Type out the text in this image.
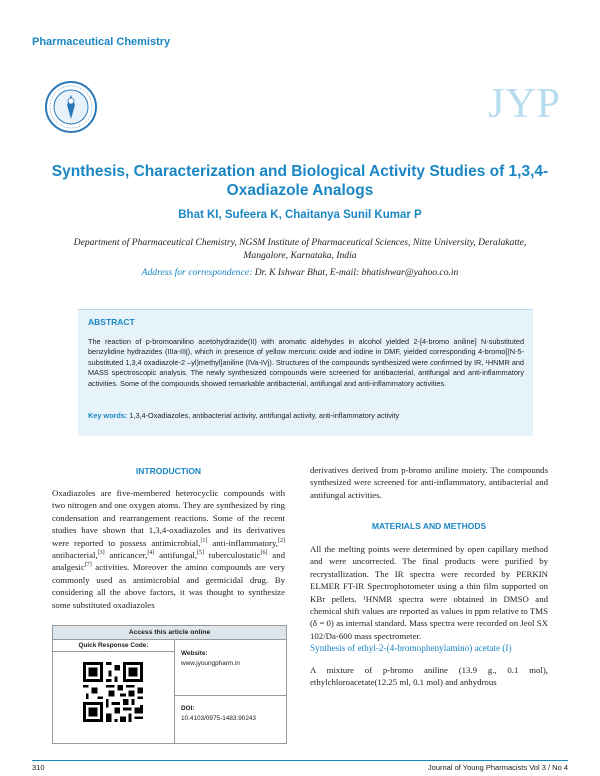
Pharmaceutical Chemistry
JYP
Synthesis, Characterization and Biological Activity Studies of 1,3,4-Oxadiazole Analogs
Bhat KI, Sufeera K, Chaitanya Sunil Kumar P
Department of Pharmaceutical Chemistry, NGSM Institute of Pharmaceutical Sciences, Nitte University, Deralakatte, Mangalore, Karnataka, India
Address for correspondence: Dr. K Ishwar Bhat, E-mail: bhatishwar@yahoo.co.in
ABSTRACT
The reaction of p-bromoanilino acetohydrazide(II) with aromatic aldehydes in alcohol yielded 2-[4-bromo aniline] N-substituted benzylidine hydrazides (IIIa-IIIj), which in presence of yellow mercuric oxide and iodine in DMF, yielded corresponding 4-bromo[(N-5-substituted 1,3,4 oxadiazole-2 –yl)methyl]aniline (IVa-IVj). Structures of the compounds synthesized were confirmed by IR, ¹HNMR and MASS spectroscopic analysis. The newly synthesized compounds were screened for antibacterial, antifungal and anti-inflammatory activities. Some of the compounds showed remarkable antibacterial, antifungal and anti-inflammatory activities.
Key words: 1,3,4-Oxadiazoles, antibacterial activity, antifungal activity, anti-inflammatory activity
INTRODUCTION
Oxadiazoles are five-membered heterocyclic compounds with two nitrogen and one oxygen atoms. They are synthesized by ring condensation and rearrangement reactions. Some of the recent studies have shown that 1,3,4-oxadiazoles and its derivatives were reported to possess antimicrobial,[1] anti-inflammatory,[2] antibacterial,[3] anticancer,[4] antifungal,[5] tuberculostatic[6] and analgesic[7] activities. Moreover the amino compounds are very commonly used as antimicrobial and germicidal drug. By considering all the above factors, it was thought to synthesize some substituted oxadiazoles
Access this article online
Quick Response Code:
Website:
www.jyoungpharm.in
DOI:
10.4103/0975-1483.90243
derivatives derived from p-bromo aniline moiety. The compounds synthesized were screened for anti-inflammatory, antibacterial and antifungal activities.
MATERIALS AND METHODS
All the melting points were determined by open capillary method and were uncorrected. The final products were purified by recrystallization. The IR spectra were recorded by PERKIN ELMER FT-IR Spectrophotometer using a thin film supported on KBr pellets. ¹HNMR spectra were obtained in DMSO and chemical shift values are reported as values in ppm relative to TMS (δ = 0) as internal standard. Mass spectra were recorded on Jeol SX 102/Da-600 mass spectrometer.
Synthesis of ethyl-2-(4-bromophenylamino) acetate (I)
A mixture of p-bromo aniline (13.9 g., 0.1 mol), ethylchloroacetate(12.25 ml, 0.1 mol) and anhydrous
310	Journal of Young Pharmacists Vol 3 / No 4
